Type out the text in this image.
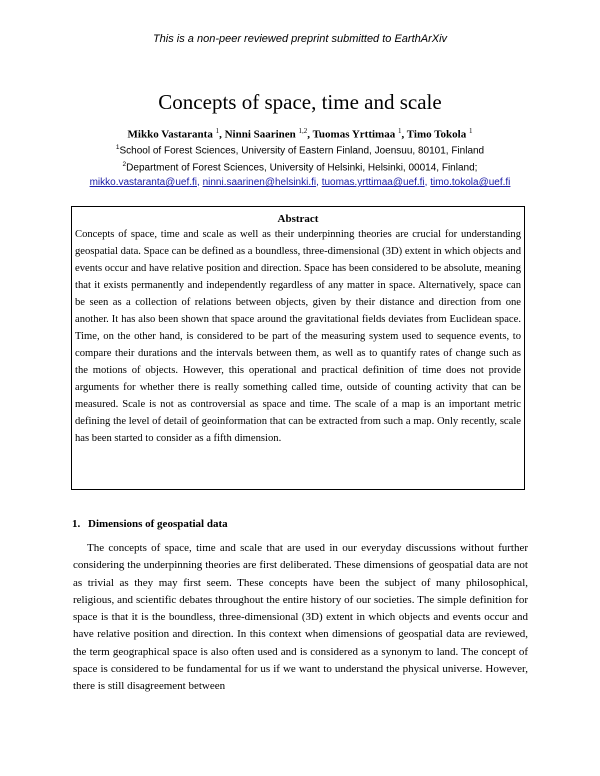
This is a non-peer reviewed preprint submitted to EarthArXiv
Concepts of space, time and scale
Mikko Vastaranta $^1$, Ninni Saarinen $^{1,2}$, Tuomas Yrttimaa $^1$, Timo Tokola $^1$
$^1$School of Forest Sciences, University of Eastern Finland, Joensuu, 80101, Finland
$^2$Department of Forest Sciences, University of Helsinki, Helsinki, 00014, Finland;
mikko.vastaranta@uef.fi, ninni.saarinen@helsinki.fi, tuomas.yrttimaa@uef.fi, timo.tokola@uef.fi
Abstract
Concepts of space, time and scale as well as their underpinning theories are crucial for understanding geospatial data. Space can be defined as a boundless, three-dimensional (3D) extent in which objects and events occur and have relative position and direction. Space has been considered to be absolute, meaning that it exists permanently and independently regardless of any matter in space. Alternatively, space can be seen as a collection of relations between objects, given by their distance and direction from one another. It has also been shown that space around the gravitational fields deviates from Euclidean space. Time, on the other hand, is considered to be part of the measuring system used to sequence events, to compare their durations and the intervals between them, as well as to quantify rates of change such as the motions of objects. However, this operational and practical definition of time does not provide arguments for whether there is really something called time, outside of counting activity that can be measured. Scale is not as controversial as space and time. The scale of a map is an important metric defining the level of detail of geoinformation that can be extracted from such a map. Only recently, scale has been started to consider as a fifth dimension.
1. Dimensions of geospatial data
The concepts of space, time and scale that are used in our everyday discussions without further considering the underpinning theories are first deliberated. These dimensions of geospatial data are not as trivial as they may first seem. These concepts have been the subject of many philosophical, religious, and scientific debates throughout the entire history of our societies. The simple definition for space is that it is the boundless, three-dimensional (3D) extent in which objects and events occur and have relative position and direction. In this context when dimensions of geospatial data are reviewed, the term geographical space is also often used and is considered as a synonym to land. The concept of space is considered to be fundamental for us if we want to understand the physical universe. However, there is still disagreement between
